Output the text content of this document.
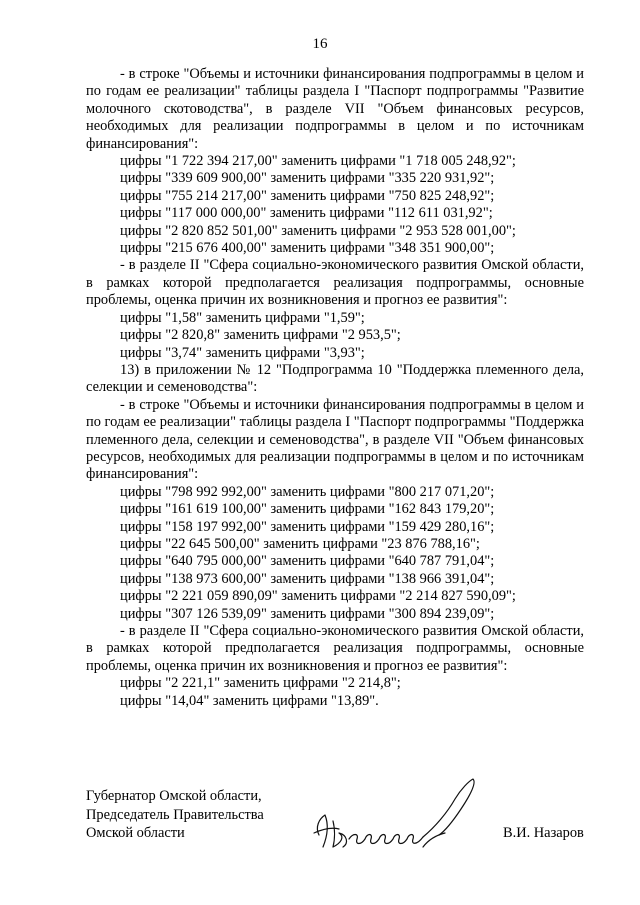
16

- в строке "Объемы и источники финансирования подпрограммы в целом и по годам ее реализации" таблицы раздела I "Паспорт подпрограммы "Развитие молочного скотоводства", в разделе VII "Объем финансовых ресурсов, необходимых для реализации подпрограммы в целом и по источникам финансирования":

цифры "1 722 394 217,00" заменить цифрами "1 718 005 248,92";
цифры "339 609 900,00" заменить цифрами "335 220 931,92";
цифры "755 214 217,00" заменить цифрами "750 825 248,92";
цифры "117 000 000,00" заменить цифрами "112 611 031,92";
цифры "2 820 852 501,00" заменить цифрами "2 953 528 001,00";
цифры "215 676 400,00" заменить цифрами "348 351 900,00";

- в разделе II "Сфера социально-экономического развития Омской области, в рамках которой предполагается реализация подпрограммы, основные проблемы, оценка причин их возникновения и прогноз ее развития":

цифры "1,58" заменить цифрами "1,59";
цифры "2 820,8" заменить цифрами "2 953,5";
цифры "3,74" заменить цифрами "3,93";

13) в приложении № 12 "Подпрограмма 10 "Поддержка племенного дела, селекции и семеноводства":

- в строке "Объемы и источники финансирования подпрограммы в целом и по годам ее реализации" таблицы раздела I "Паспорт подпрограммы "Поддержка племенного дела, селекции и семеноводства", в разделе VII "Объем финансовых ресурсов, необходимых для реализации подпрограммы в целом и по источникам финансирования":

цифры "798 992 992,00" заменить цифрами "800 217 071,20";
цифры "161 619 100,00" заменить цифрами "162 843 179,20";
цифры "158 197 992,00" заменить цифрами "159 429 280,16";
цифры "22 645 500,00" заменить цифрами "23 876 788,16";
цифры "640 795 000,00" заменить цифрами "640 787 791,04";
цифры "138 973 600,00" заменить цифрами "138 966 391,04";
цифры "2 221 059 890,09" заменить цифрами "2 214 827 590,09";
цифры "307 126 539,09" заменить цифрами "300 894 239,09";

- в разделе II "Сфера социально-экономического развития Омской области, в рамках которой предполагается реализация подпрограммы, основные проблемы, оценка причин их возникновения и прогноз ее развития":

цифры "2 221,1" заменить цифрами "2 214,8";
цифры "14,04" заменить цифрами "13,89".
Губернатор Омской области,
Председатель Правительства
Омской области	В.И. Назаров
